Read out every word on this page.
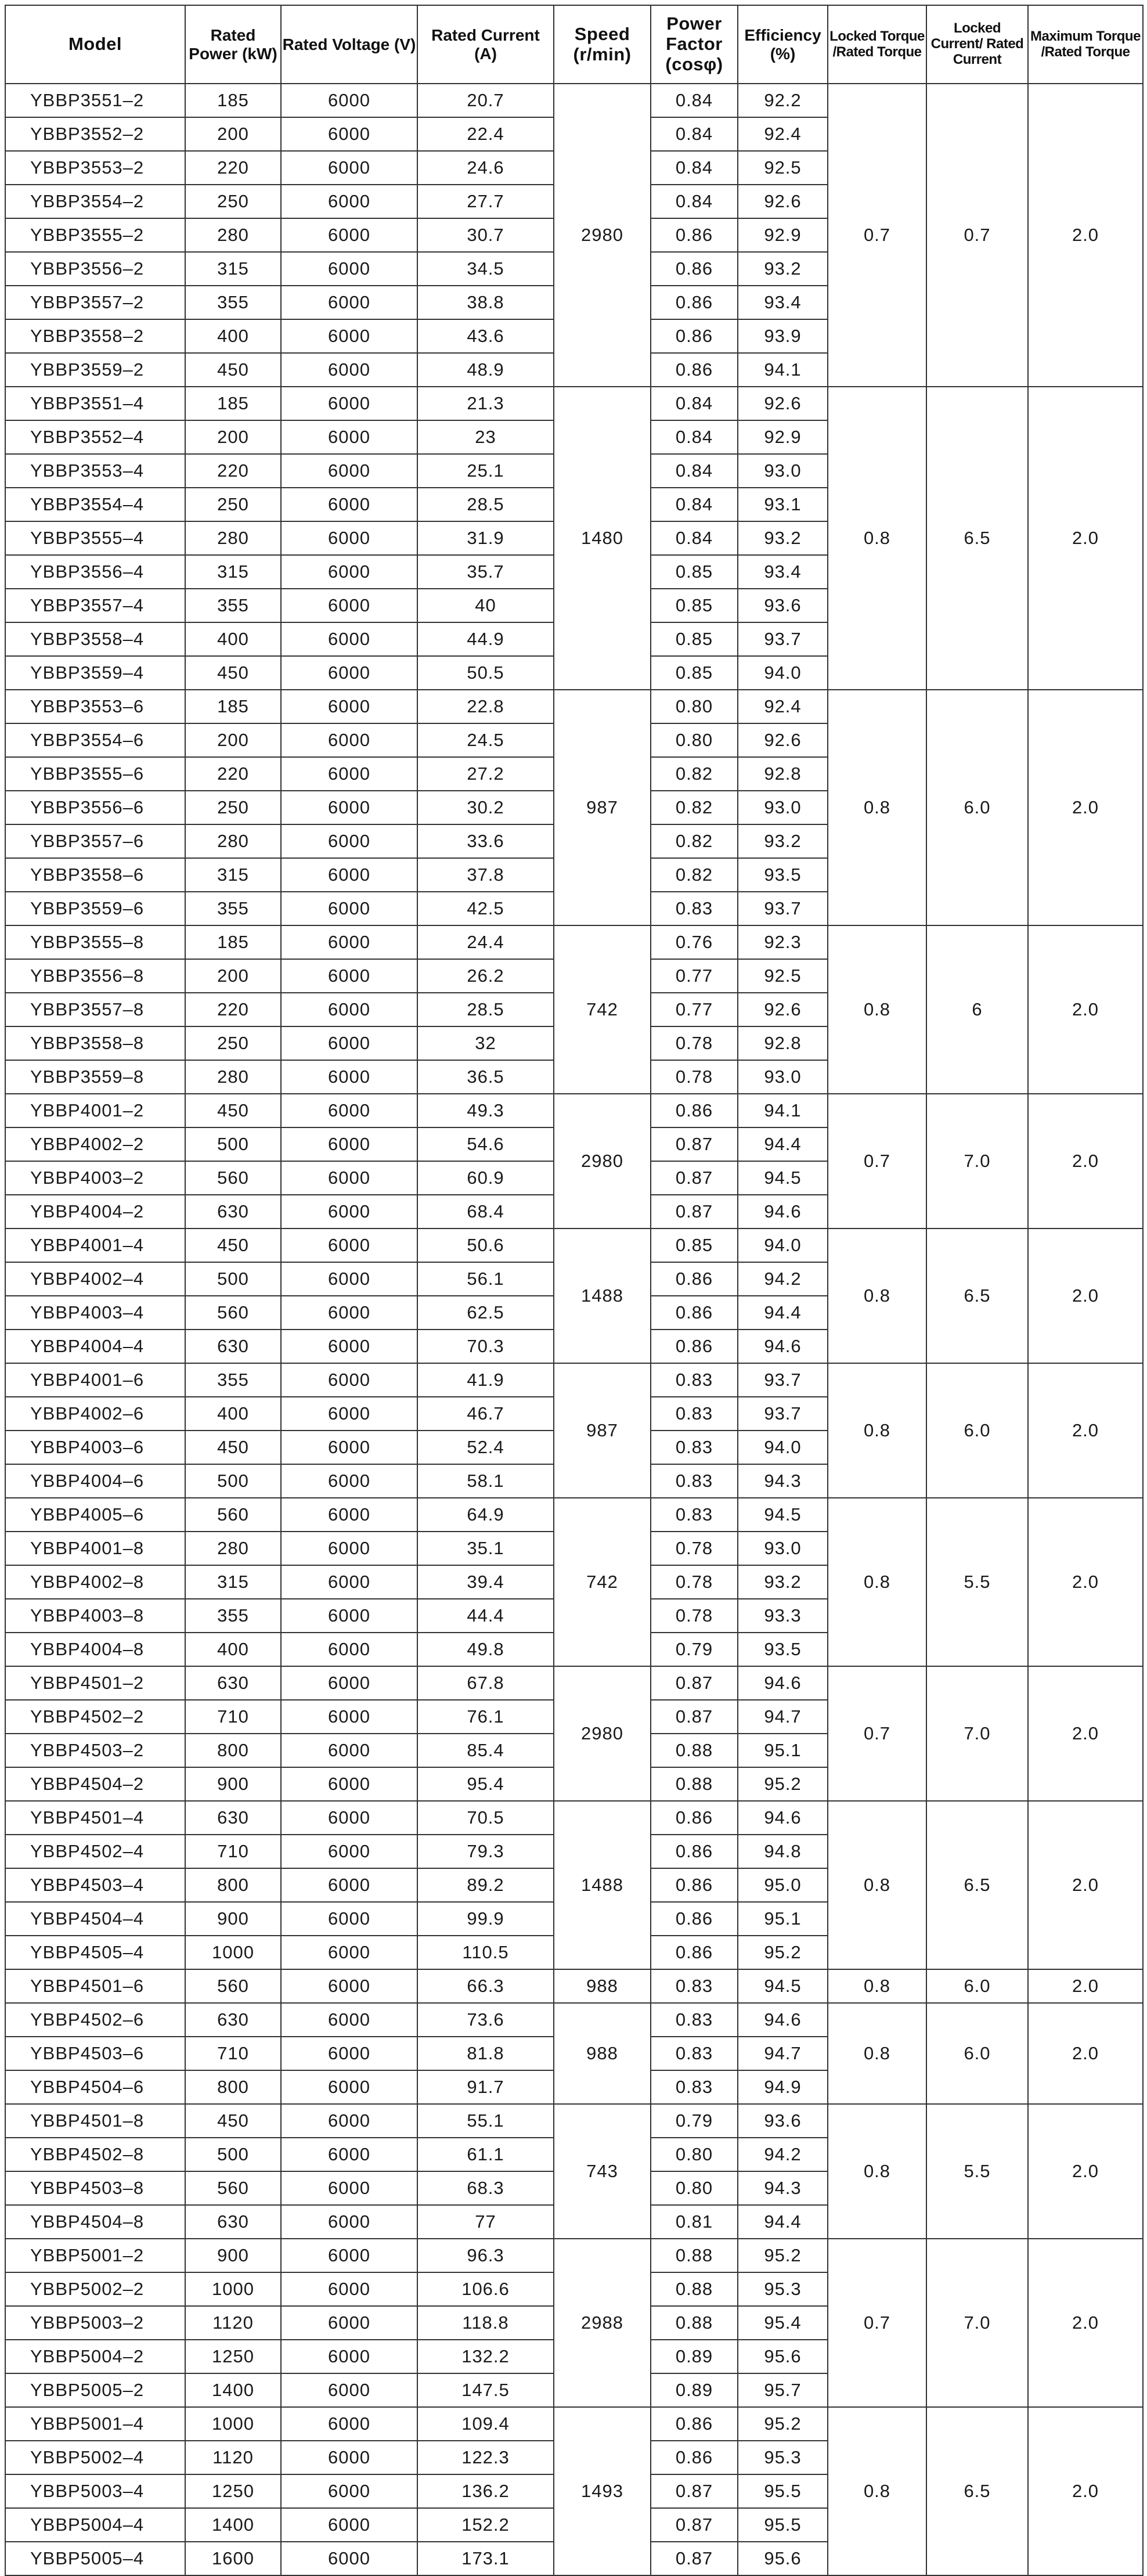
Model	Rated Power (kW)	Rated Voltage (V)	Rated Current (A)	Speed (r/min)	Power Factor (cosφ)	Efficiency (%)	Locked Torque /Rated Torque	Locked Current/ Rated Current	Maximum Torque /Rated Torque
YBBP3551–2	185	6000	20.7	2980	0.84	92.2	0.7	0.7	2.0
YBBP3552–2	200	6000	22.4		0.84	92.4			
YBBP3553–2	220	6000	24.6		0.84	92.5			
YBBP3554–2	250	6000	27.7		0.84	92.6			
YBBP3555–2	280	6000	30.7		0.86	92.9			
YBBP3556–2	315	6000	34.5		0.86	93.2			
YBBP3557–2	355	6000	38.8		0.86	93.4			
YBBP3558–2	400	6000	43.6		0.86	93.9			
YBBP3559–2	450	6000	48.9		0.86	94.1			
YBBP3551–4	185	6000	21.3	1480	0.84	92.6	0.8	6.5	2.0
YBBP3552–4	200	6000	23		0.84	92.9			
YBBP3553–4	220	6000	25.1		0.84	93.0			
YBBP3554–4	250	6000	28.5		0.84	93.1			
YBBP3555–4	280	6000	31.9		0.84	93.2			
YBBP3556–4	315	6000	35.7		0.85	93.4			
YBBP3557–4	355	6000	40		0.85	93.6			
YBBP3558–4	400	6000	44.9		0.85	93.7			
YBBP3559–4	450	6000	50.5		0.85	94.0			
YBBP3553–6	185	6000	22.8	987	0.80	92.4	0.8	6.0	2.0
YBBP3554–6	200	6000	24.5		0.80	92.6			
YBBP3555–6	220	6000	27.2		0.82	92.8			
YBBP3556–6	250	6000	30.2		0.82	93.0			
YBBP3557–6	280	6000	33.6		0.82	93.2			
YBBP3558–6	315	6000	37.8		0.82	93.5			
YBBP3559–6	355	6000	42.5		0.83	93.7			
YBBP3555–8	185	6000	24.4	742	0.76	92.3	0.8	6	2.0
YBBP3556–8	200	6000	26.2		0.77	92.5			
YBBP3557–8	220	6000	28.5		0.77	92.6			
YBBP3558–8	250	6000	32		0.78	92.8			
YBBP3559–8	280	6000	36.5		0.78	93.0			
YBBP4001–2	450	6000	49.3	2980	0.86	94.1	0.7	7.0	2.0
YBBP4002–2	500	6000	54.6		0.87	94.4			
YBBP4003–2	560	6000	60.9		0.87	94.5			
YBBP4004–2	630	6000	68.4		0.87	94.6			
YBBP4001–4	450	6000	50.6	1488	0.85	94.0	0.8	6.5	2.0
YBBP4002–4	500	6000	56.1		0.86	94.2			
YBBP4003–4	560	6000	62.5		0.86	94.4			
YBBP4004–4	630	6000	70.3		0.86	94.6			
YBBP4001–6	355	6000	41.9	987	0.83	93.7	0.8	6.0	2.0
YBBP4002–6	400	6000	46.7		0.83	93.7			
YBBP4003–6	450	6000	52.4		0.83	94.0			
YBBP4004–6	500	6000	58.1		0.83	94.3			
YBBP4005–6	560	6000	64.9	742	0.83	94.5	0.8	5.5	2.0
YBBP4001–8	280	6000	35.1		0.78	93.0			
YBBP4002–8	315	6000	39.4		0.78	93.2			
YBBP4003–8	355	6000	44.4		0.78	93.3			
YBBP4004–8	400	6000	49.8		0.79	93.5			
YBBP4501–2	630	6000	67.8	2980	0.87	94.6	0.7	7.0	2.0
YBBP4502–2	710	6000	76.1		0.87	94.7			
YBBP4503–2	800	6000	85.4		0.88	95.1			
YBBP4504–2	900	6000	95.4		0.88	95.2			
YBBP4501–4	630	6000	70.5	1488	0.86	94.6	0.8	6.5	2.0
YBBP4502–4	710	6000	79.3		0.86	94.8			
YBBP4503–4	800	6000	89.2		0.86	95.0			
YBBP4504–4	900	6000	99.9		0.86	95.1			
YBBP4505–4	1000	6000	110.5		0.86	95.2			
YBBP4501–6	560	6000	66.3	988	0.83	94.5	0.8	6.0	2.0
YBBP4502–6	630	6000	73.6	988	0.83	94.6	0.8	6.0	2.0
YBBP4503–6	710	6000	81.8		0.83	94.7			
YBBP4504–6	800	6000	91.7		0.83	94.9			
YBBP4501–8	450	6000	55.1	743	0.79	93.6	0.8	5.5	2.0
YBBP4502–8	500	6000	61.1		0.80	94.2			
YBBP4503–8	560	6000	68.3		0.80	94.3			
YBBP4504–8	630	6000	77		0.81	94.4			
YBBP5001–2	900	6000	96.3	2988	0.88	95.2	0.7	7.0	2.0
YBBP5002–2	1000	6000	106.6		0.88	95.3			
YBBP5003–2	1120	6000	118.8		0.88	95.4			
YBBP5004–2	1250	6000	132.2		0.89	95.6			
YBBP5005–2	1400	6000	147.5		0.89	95.7			
YBBP5001–4	1000	6000	109.4	1493	0.86	95.2	0.8	6.5	2.0
YBBP5002–4	1120	6000	122.3		0.86	95.3			
YBBP5003–4	1250	6000	136.2		0.87	95.5			
YBBP5004–4	1400	6000	152.2		0.87	95.5			
YBBP5005–4	1600	6000	173.1		0.87	95.6			
